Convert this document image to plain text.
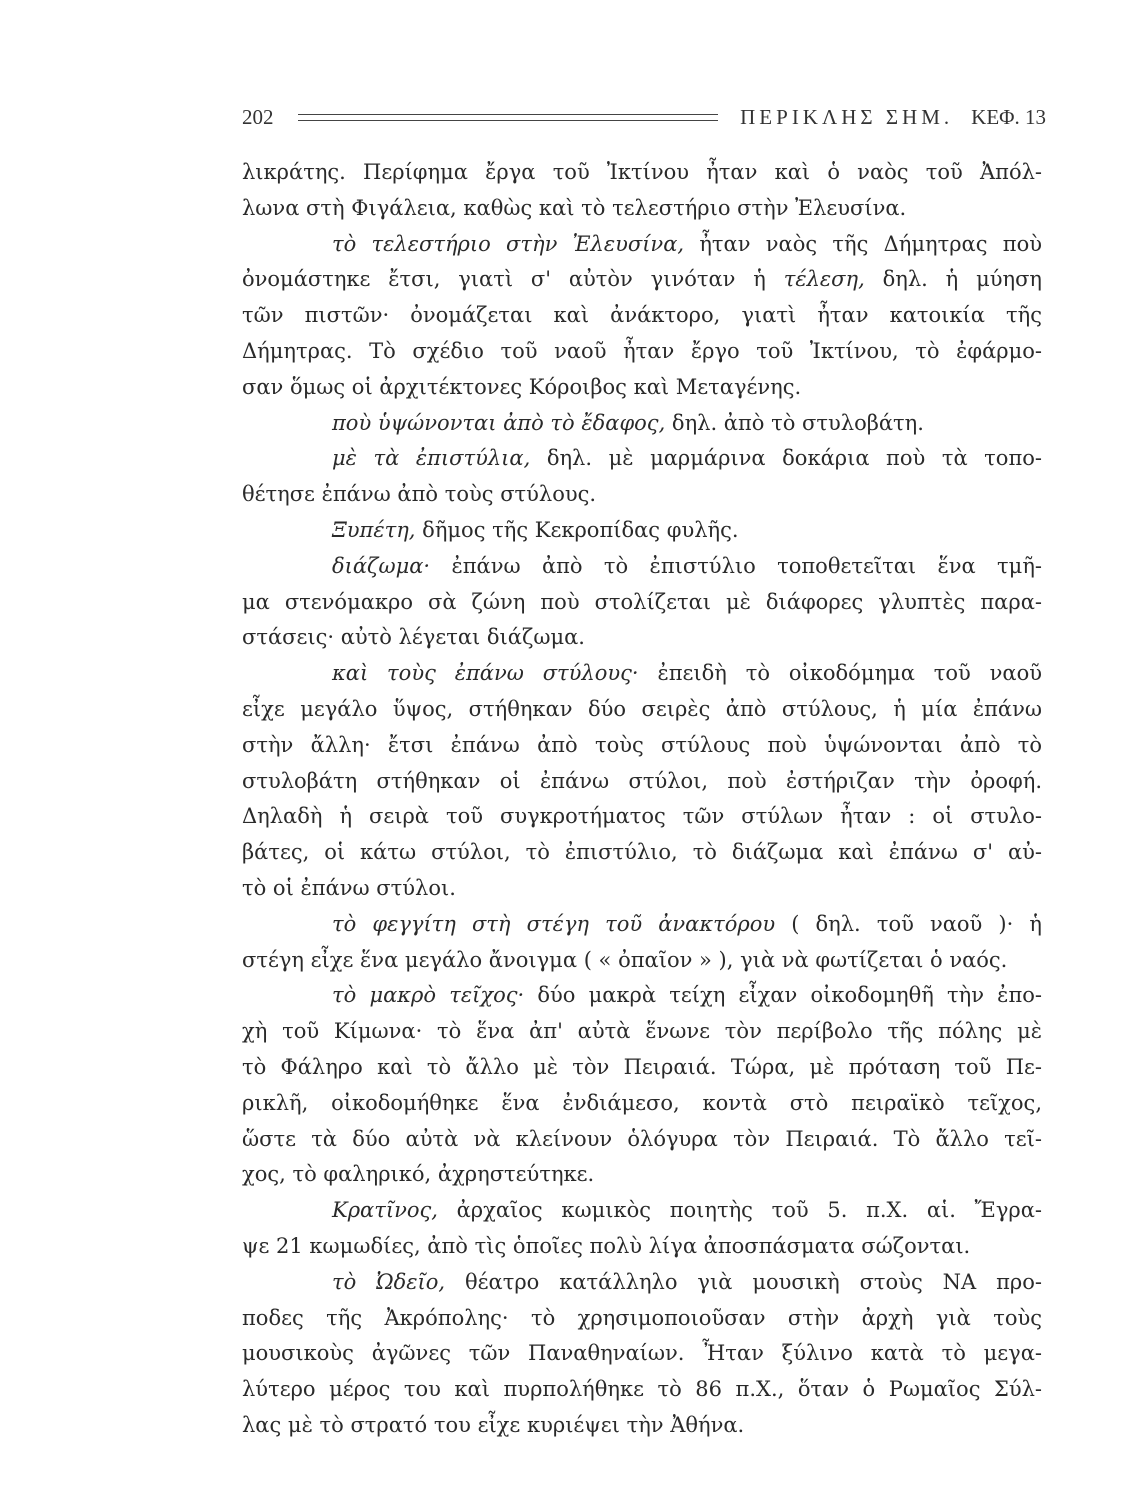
202	ΠΕΡΙΚΛΗΣ ΣΗΜ. ΚΕΦ. 13
λικράτης. Περίφημα ἔργα τοῦ Ἰκτίνου ἦταν καὶ ὁ ναὸς τοῦ Ἀπόλ-
λωνα στὴ Φιγάλεια, καθὼς καὶ τὸ τελεστήριο στὴν Ἐλευσίνα.
τὸ τελεστήριο στὴν Ἐλευσίνα, ἦταν ναὸς τῆς Δήμητρας ποὺ
ὀνομάστηκε ἔτσι, γιατὶ σ' αὐτὸν γινόταν ἡ τέλεση, δηλ. ἡ μύηση
τῶν πιστῶν· ὀνομάζεται καὶ ἀνάκτορο, γιατὶ ἦταν κατοικία τῆς
Δήμητρας. Τὸ σχέδιο τοῦ ναοῦ ἦταν ἔργο τοῦ Ἰκτίνου, τὸ ἐφάρμο-
σαν ὅμως οἱ ἀρχιτέκτονες Κόροιβος καὶ Μεταγένης.
ποὺ ὑψώνονται ἀπὸ τὸ ἔδαφος, δηλ. ἀπὸ τὸ στυλοβάτη.
μὲ τὰ ἐπιστύλια, δηλ. μὲ μαρμάρινα δοκάρια ποὺ τὰ τοπο-
θέτησε ἐπάνω ἀπὸ τοὺς στύλους.
Ξυπέτη, δῆμος τῆς Κεκροπίδας φυλῆς.
διάζωμα· ἐπάνω ἀπὸ τὸ ἐπιστύλιο τοποθετεῖται ἕνα τμῆ-
μα στενόμακρο σὰ ζώνη ποὺ στολίζεται μὲ διάφορες γλυπτὲς παρα-
στάσεις· αὐτὸ λέγεται διάζωμα.
καὶ τοὺς ἐπάνω στύλους· ἐπειδὴ τὸ οἰκοδόμημα τοῦ ναοῦ
εἶχε μεγάλο ὕψος, στήθηκαν δύο σειρὲς ἀπὸ στύλους, ἡ μία ἐπάνω
στὴν ἄλλη· ἔτσι ἐπάνω ἀπὸ τοὺς στύλους ποὺ ὑψώνονται ἀπὸ τὸ
στυλοβάτη στήθηκαν οἱ ἐπάνω στύλοι, ποὺ ἐστήριζαν τὴν ὀροφή.
Δηλαδὴ ἡ σειρὰ τοῦ συγκροτήματος τῶν στύλων ἦταν : οἱ στυλο-
βάτες, οἱ κάτω στύλοι, τὸ ἐπιστύλιο, τὸ διάζωμα καὶ ἐπάνω σ' αὐ-
τὸ οἱ ἐπάνω στύλοι.
τὸ φεγγίτη στὴ στέγη τοῦ ἀνακτόρου ( δηλ. τοῦ ναοῦ )· ἡ
στέγη εἶχε ἕνα μεγάλο ἄνοιγμα ( « ὀπαῖον » ), γιὰ νὰ φωτίζεται ὁ ναός.
τὸ μακρὸ τεῖχος· δύο μακρὰ τείχη εἶχαν οἰκοδομηθῆ τὴν ἐπο-
χὴ τοῦ Κίμωνα· τὸ ἕνα ἀπ' αὐτὰ ἕνωνε τὸν περίβολο τῆς πόλης μὲ
τὸ Φάληρο καὶ τὸ ἄλλο μὲ τὸν Πειραιά. Τώρα, μὲ πρόταση τοῦ Πε-
ρικλῆ, οἰκοδομήθηκε ἕνα ἐνδιάμεσο, κοντὰ στὸ πειραϊκὸ τεῖχος,
ὥστε τὰ δύο αὐτὰ νὰ κλείνουν ὁλόγυρα τὸν Πειραιά. Τὸ ἄλλο τεῖ-
χος, τὸ φαληρικό, ἀχρηστεύτηκε.
Κρατῖνος, ἀρχαῖος κωμικὸς ποιητὴς τοῦ 5. π.Χ. αἱ. Ἔγρα-
ψε 21 κωμωδίες, ἀπὸ τὶς ὁποῖες πολὺ λίγα ἀποσπάσματα σώζονται.
τὸ Ὠδεῖο, θέατρο κατάλληλο γιὰ μουσικὴ στοὺς ΝΑ προ-
ποδες τῆς Ἀκρόπολης· τὸ χρησιμοποιοῦσαν στὴν ἀρχὴ γιὰ τοὺς
μουσικοὺς ἀγῶνες τῶν Παναθηναίων. Ἦταν ξύλινο κατὰ τὸ μεγα-
λύτερο μέρος του καὶ πυρπολήθηκε τὸ 86 π.Χ., ὅταν ὁ Ρωμαῖος Σύλ-
λας μὲ τὸ στρατό του εἶχε κυριέψει τὴν Ἀθήνα.
